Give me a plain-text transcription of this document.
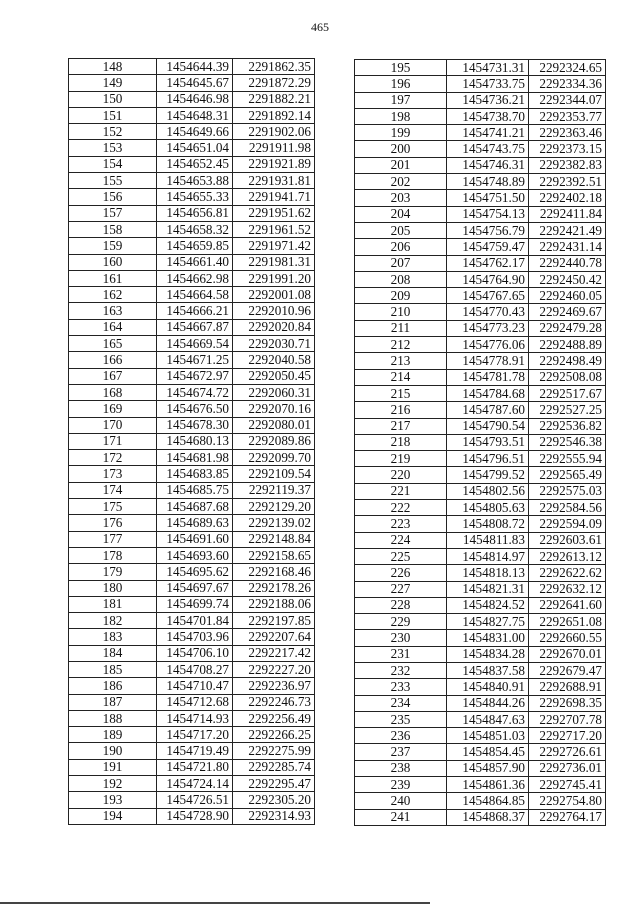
465
148	1454644.39	2291862.35
149	1454645.67	2291872.29
150	1454646.98	2291882.21
151	1454648.31	2291892.14
152	1454649.66	2291902.06
153	1454651.04	2291911.98
154	1454652.45	2291921.89
155	1454653.88	2291931.81
156	1454655.33	2291941.71
157	1454656.81	2291951.62
158	1454658.32	2291961.52
159	1454659.85	2291971.42
160	1454661.40	2291981.31
161	1454662.98	2291991.20
162	1454664.58	2292001.08
163	1454666.21	2292010.96
164	1454667.87	2292020.84
165	1454669.54	2292030.71
166	1454671.25	2292040.58
167	1454672.97	2292050.45
168	1454674.72	2292060.31
169	1454676.50	2292070.16
170	1454678.30	2292080.01
171	1454680.13	2292089.86
172	1454681.98	2292099.70
173	1454683.85	2292109.54
174	1454685.75	2292119.37
175	1454687.68	2292129.20
176	1454689.63	2292139.02
177	1454691.60	2292148.84
178	1454693.60	2292158.65
179	1454695.62	2292168.46
180	1454697.67	2292178.26
181	1454699.74	2292188.06
182	1454701.84	2292197.85
183	1454703.96	2292207.64
184	1454706.10	2292217.42
185	1454708.27	2292227.20
186	1454710.47	2292236.97
187	1454712.68	2292246.73
188	1454714.93	2292256.49
189	1454717.20	2292266.25
190	1454719.49	2292275.99
191	1454721.80	2292285.74
192	1454724.14	2292295.47
193	1454726.51	2292305.20
194	1454728.90	2292314.93
195	1454731.31	2292324.65
196	1454733.75	2292334.36
197	1454736.21	2292344.07
198	1454738.70	2292353.77
199	1454741.21	2292363.46
200	1454743.75	2292373.15
201	1454746.31	2292382.83
202	1454748.89	2292392.51
203	1454751.50	2292402.18
204	1454754.13	2292411.84
205	1454756.79	2292421.49
206	1454759.47	2292431.14
207	1454762.17	2292440.78
208	1454764.90	2292450.42
209	1454767.65	2292460.05
210	1454770.43	2292469.67
211	1454773.23	2292479.28
212	1454776.06	2292488.89
213	1454778.91	2292498.49
214	1454781.78	2292508.08
215	1454784.68	2292517.67
216	1454787.60	2292527.25
217	1454790.54	2292536.82
218	1454793.51	2292546.38
219	1454796.51	2292555.94
220	1454799.52	2292565.49
221	1454802.56	2292575.03
222	1454805.63	2292584.56
223	1454808.72	2292594.09
224	1454811.83	2292603.61
225	1454814.97	2292613.12
226	1454818.13	2292622.62
227	1454821.31	2292632.12
228	1454824.52	2292641.60
229	1454827.75	2292651.08
230	1454831.00	2292660.55
231	1454834.28	2292670.01
232	1454837.58	2292679.47
233	1454840.91	2292688.91
234	1454844.26	2292698.35
235	1454847.63	2292707.78
236	1454851.03	2292717.20
237	1454854.45	2292726.61
238	1454857.90	2292736.01
239	1454861.36	2292745.41
240	1454864.85	2292754.80
241	1454868.37	2292764.17
